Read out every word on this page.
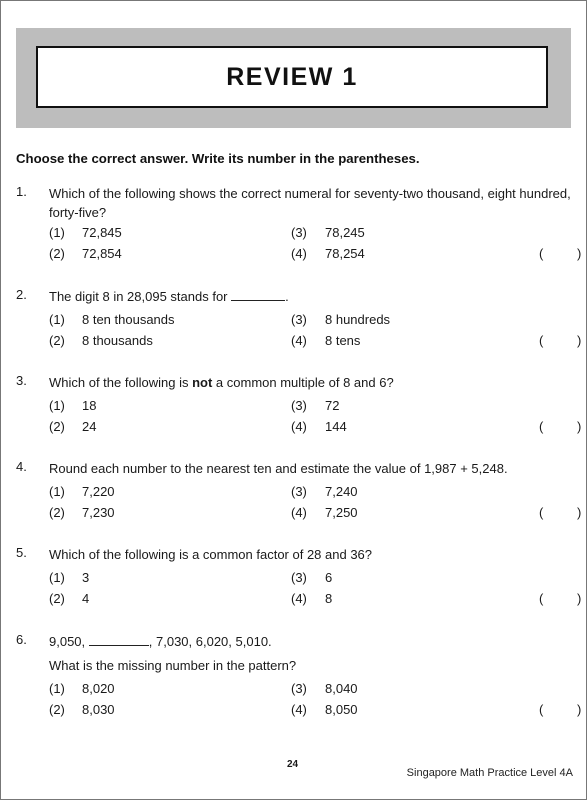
REVIEW 1
Choose the correct answer. Write its number in the parentheses.
1. Which of the following shows the correct numeral for seventy-two thousand, eight hundred, forty-five?
(1) 72,845	(3) 78,245
(2) 72,854	(4) 78,254	(	)
2. The digit 8 in 28,095 stands for	.
(1) 8 ten thousands	(3) 8 hundreds
(2) 8 thousands	(4) 8 tens	(	)
3. Which of the following is not a common multiple of 8 and 6?
(1) 18	(3) 72
(2) 24	(4) 144	(	)
4. Round each number to the nearest ten and estimate the value of 1,987 + 5,248.
(1) 7,220	(3) 7,240
(2) 7,230	(4) 7,250	(	)
5. Which of the following is a common factor of 28 and 36?
(1) 3	(3) 6
(2) 4	(4) 8	(	)
6. 9,050,	, 7,030, 6,020, 5,010.
What is the missing number in the pattern?
(1) 8,020	(3) 8,040
(2) 8,030	(4) 8,050	(	)
24
Singapore Math Practice Level 4A
